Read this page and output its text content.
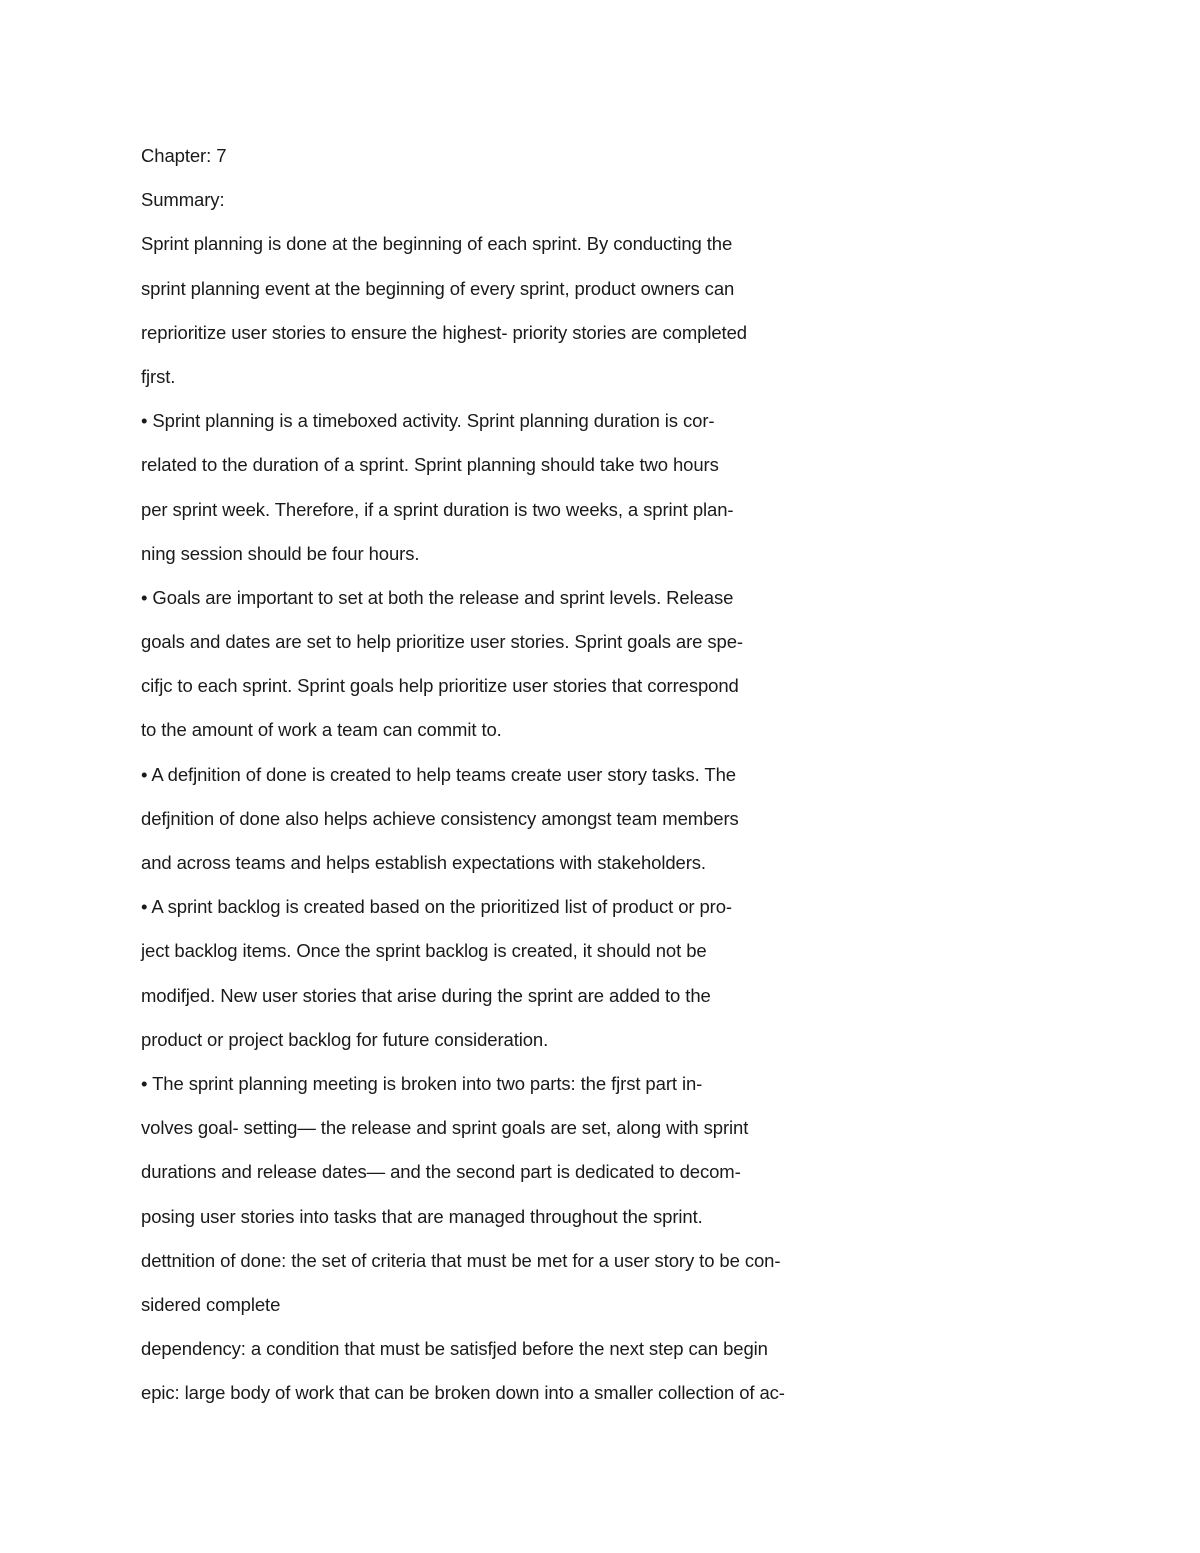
Chapter: 7
Summary:
Sprint planning is done at the beginning of each sprint. By conducting the
sprint planning event at the beginning of every sprint, product owners can
reprioritize user stories to ensure the highest- priority stories are completed
fjrst.
• Sprint planning is a timeboxed activity. Sprint planning duration is cor-
related to the duration of a sprint. Sprint planning should take two hours
per sprint week. Therefore, if a sprint duration is two weeks, a sprint plan-
ning session should be four hours.
• Goals are important to set at both the release and sprint levels. Release
goals and dates are set to help prioritize user stories. Sprint goals are spe-
cifjc to each sprint. Sprint goals help prioritize user stories that correspond
to the amount of work a team can commit to.
• A defjnition of done is created to help teams create user story tasks. The
defjnition of done also helps achieve consistency amongst team members
and across teams and helps establish expectations with stakeholders.
• A sprint backlog is created based on the prioritized list of product or pro-
ject backlog items. Once the sprint backlog is created, it should not be
modifjed. New user stories that arise during the sprint are added to the
product or project backlog for future consideration.
• The sprint planning meeting is broken into two parts: the fjrst part in-
volves goal- setting— the release and sprint goals are set, along with sprint
durations and release dates— and the second part is dedicated to decom-
posing user stories into tasks that are managed throughout the sprint.
dettnition of done: the set of criteria that must be met for a user story to be con-
sidered complete
dependency: a condition that must be satisfjed before the next step can begin
epic: large body of work that can be broken down into a smaller collection of ac-
